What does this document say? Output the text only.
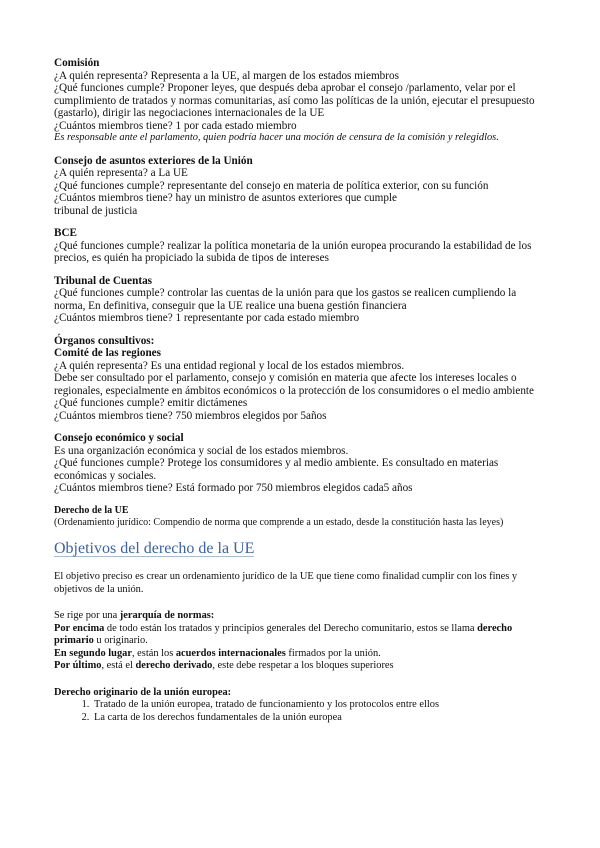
Comisión
¿A quién representa? Representa a la UE, al margen de los estados miembros
¿Qué funciones cumple? Proponer leyes, que después deba aprobar el consejo /parlamento, velar por el cumplimiento de tratados y normas comunitarias, así como las políticas de la unión, ejecutar el presupuesto (gastarlo), dirigir las negociaciones internacionales de la UE
¿Cuántos miembros tiene? 1 por cada estado miembro
Es responsable ante el parlamento, quien podría hacer una moción de censura de la comisión y relegidlos.
Consejo de asuntos exteriores de la Unión
¿A quién representa? a La UE
¿Qué funciones cumple? representante del consejo en materia de política exterior, con su función
¿Cuántos miembros tiene? hay un ministro de asuntos exteriores que cumple
tribunal de justicia
BCE
¿Qué funciones cumple? realizar la política monetaria de la unión europea procurando la estabilidad de los precios, es quién ha propiciado la subida de tipos de intereses
Tribunal de Cuentas
¿Qué funciones cumple? controlar las cuentas de la unión para que los gastos se realicen cumpliendo la norma, En definitiva, conseguir que la UE realice una buena gestión financiera
¿Cuántos miembros tiene? 1 representante por cada estado miembro
Órganos consultivos:
Comité de las regiones
¿A quién representa? Es una entidad regional y local de los estados miembros.
Debe ser consultado por el parlamento, consejo y comisión en materia que afecte los intereses locales o regionales, especialmente en ámbitos económicos o la protección de los consumidores o el medio ambiente
¿Qué funciones cumple? emitir dictámenes
¿Cuántos miembros tiene? 750 miembros elegidos por 5años
Consejo económico y social
Es una organización económica y social de los estados miembros.
¿Qué funciones cumple? Protege los consumidores y al medio ambiente. Es consultado en materias económicas y sociales.
¿Cuántos miembros tiene? Está formado por 750 miembros elegidos cada5 años
Derecho de la UE
(Ordenamiento jurídico: Compendio de norma que comprende a un estado, desde la constitución hasta las leyes)
Objetivos del derecho de la UE
El objetivo preciso es crear un ordenamiento jurídico de la UE que tiene como finalidad cumplir con los fines y objetivos de la unión.
Se rige por una jerarquía de normas:
Por encima de todo están los tratados y principios generales del Derecho comunitario, estos se llama derecho primario u originario.
En segundo lugar, están los acuerdos internacionales firmados por la unión.
Por último, está el derecho derivado, este debe respetar a los bloques superiores
Derecho originario de la unión europea:
1. Tratado de la unión europea, tratado de funcionamiento y los protocolos entre ellos
2. La carta de los derechos fundamentales de la unión europea
